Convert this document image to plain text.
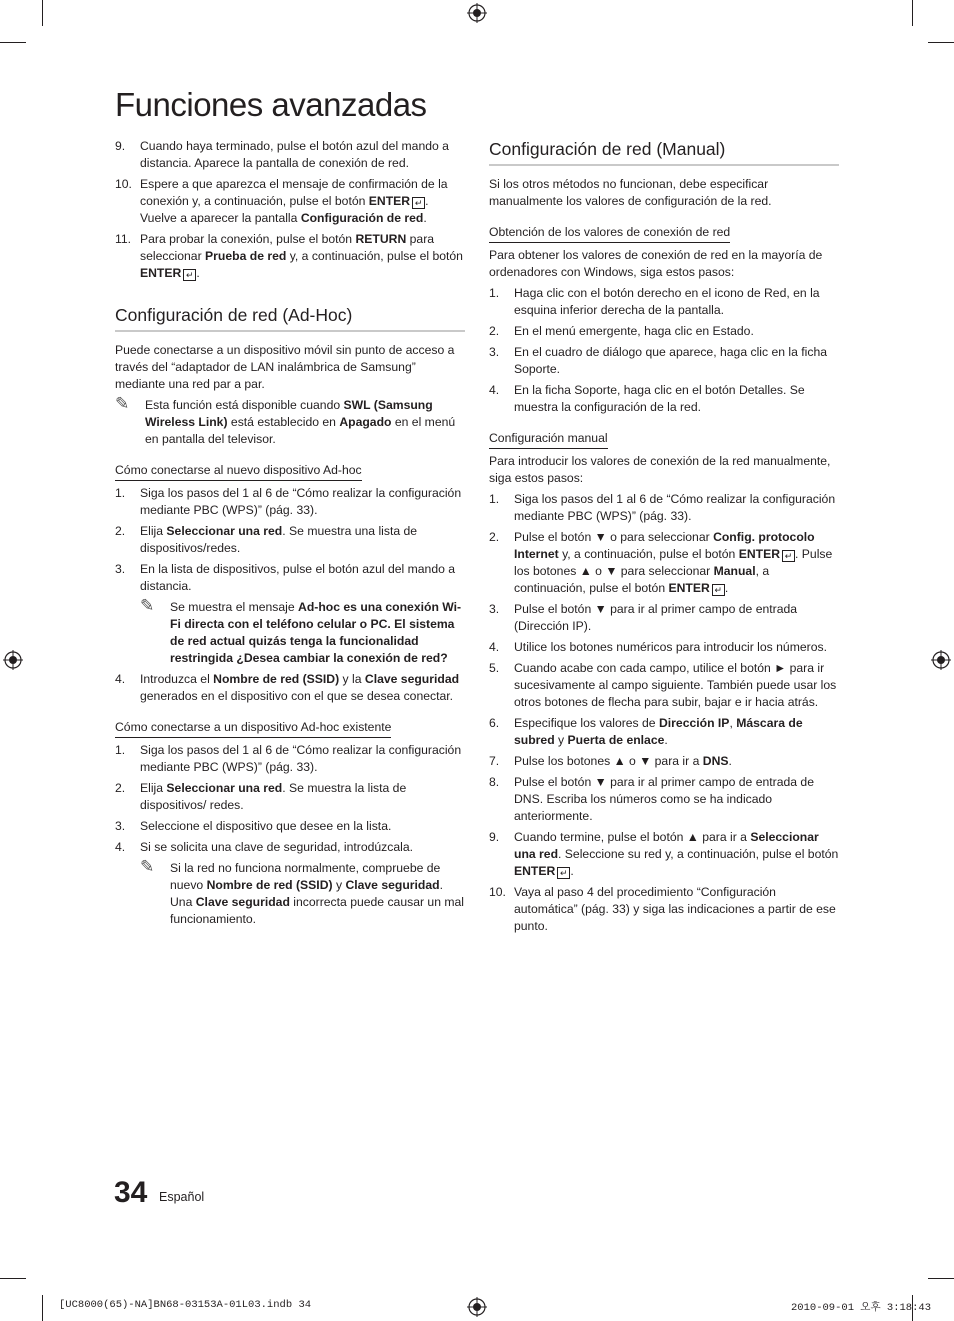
Funciones avanzadas
9. Cuando haya terminado, pulse el botón azul del mando a distancia. Aparece la pantalla de conexión de red.
10. Espere a que aparezca el mensaje de confirmación de la conexión y, a continuación, pulse el botón ENTER ↵ . Vuelve a aparecer la pantalla Configuración de red.
11. Para probar la conexión, pulse el botón RETURN para seleccionar Prueba de red y, a continuación, pulse el botón ENTER ↵ .
Configuración de red (Ad-Hoc)

Puede conectarse a un dispositivo móvil sin punto de acceso a través del “adaptador de LAN inalámbrica de Samsung” mediante una red par a par.

✎ Esta función está disponible cuando SWL (Samsung Wireless Link) está establecido en Apagado en el menú en pantalla del televisor.
Cómo conectarse al nuevo dispositivo Ad-hoc
1. Siga los pasos del 1 al 6 de “Cómo realizar la configuración mediante PBC (WPS)” (pág. 33).
2. Elija Seleccionar una red. Se muestra una lista de dispositivos/redes.
3. En la lista de dispositivos, pulse el botón azul del mando a distancia.
✎ Se muestra el mensaje Ad-hoc es una conexión Wi-Fi directa con el teléfono celular o PC. El sistema de red actual quizás tenga la funcionalidad restringida ¿Desea cambiar la conexión de red?
4. Introduzca el Nombre de red (SSID) y la Clave seguridad generados en el dispositivo con el que se desea conectar.
Cómo conectarse a un dispositivo Ad-hoc existente
1. Siga los pasos del 1 al 6 de “Cómo realizar la configuración mediante PBC (WPS)” (pág. 33).
2. Elija Seleccionar una red. Se muestra la lista de dispositivos/ redes.
3. Seleccione el dispositivo que desee en la lista.
4. Si se solicita una clave de seguridad, introdúzcala.
✎ Si la red no funciona normalmente, compruebe de nuevo Nombre de red (SSID) y Clave seguridad. Una Clave seguridad incorrecta puede causar un mal funcionamiento.
Configuración de red (Manual)

Si los otros métodos no funcionan, debe especificar manualmente los valores de configuración de la red.

Obtención de los valores de conexión de red

Para obtener los valores de conexión de red en la mayoría de ordenadores con Windows, siga estos pasos:

1. Haga clic con el botón derecho en el icono de Red, en la esquina inferior derecha de la pantalla.
2. En el menú emergente, haga clic en Estado.
3. En el cuadro de diálogo que aparece, haga clic en la ficha Soporte.
4. En la ficha Soporte, haga clic en el botón Detalles. Se muestra la configuración de la red.
Configuración manual

Para introducir los valores de conexión de la red manualmente, siga estos pasos:

1. Siga los pasos del 1 al 6 de “Cómo realizar la configuración mediante PBC (WPS)” (pág. 33).
2. Pulse el botón ▼ o para seleccionar Config. protocolo Internet y, a continuación, pulse el botón ENTER ↵ . Pulse los botones ▲ o ▼ para seleccionar Manual, a continuación, pulse el botón ENTER ↵ .
3. Pulse el botón ▼ para ir al primer campo de entrada (Dirección IP).
4. Utilice los botones numéricos para introducir los números.
5. Cuando acabe con cada campo, utilice el botón ► para ir sucesivamente al campo siguiente. También puede usar los otros botones de flecha para subir, bajar e ir hacia atrás.
6. Especifique los valores de Dirección IP, Máscara de subred y Puerta de enlace.
7. Pulse los botones ▲ o ▼ para ir a DNS.
8. Pulse el botón ▼ para ir al primer campo de entrada de DNS. Escriba los números como se ha indicado anteriormente.
9. Cuando termine, pulse el botón ▲ para ir a Seleccionar una red. Seleccione su red y, a continuación, pulse el botón ENTER ↵ .
10. Vaya al paso 4 del procedimiento “Configuración automática” (pág. 33) y siga las indicaciones a partir de ese punto.
34 Español
[UC8000(65)-NA]BN68-03153A-01L03.indb 34	2010-09-01 오후 3:18:43
